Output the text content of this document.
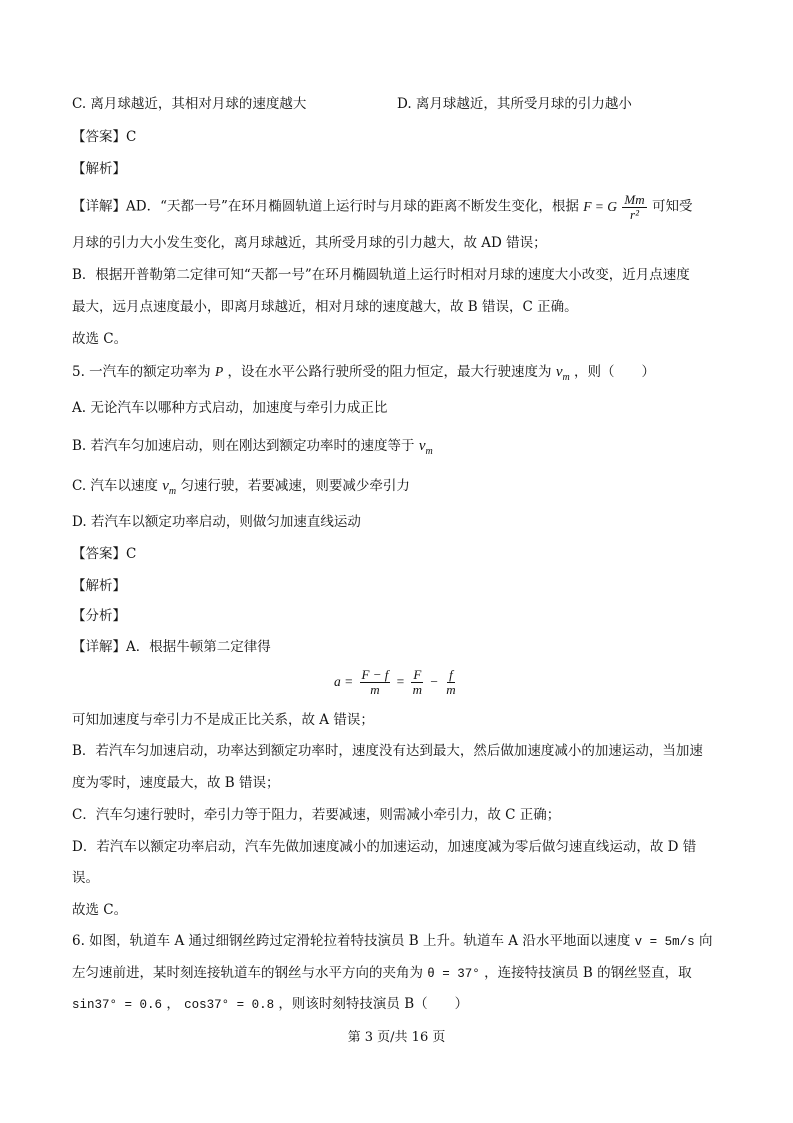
C. 离月球越近，其相对月球的速度越大	D. 离月球越近，其所受月球的引力越小
【答案】C
【解析】
【详解】AD．“天都一号”在环月椭圆轨道上运行时与月球的距离不断发生变化，根据 F = G $\frac{Mm}{\text{r²}}$ 可知受
月球的引力大小发生变化，离月球越近，其所受月球的引力越大，故 AD 错误；
B．根据开普勒第二定律可知“天都一号”在环月椭圆轨道上运行时相对月球的速度大小改变，近月点速度
最大，远月点速度最小，即离月球越近，相对月球的速度越大，故 B 错误，C 正确。
故选 C。
5. 一汽车的额定功率为 P ，设在水平公路行驶所受的阻力恒定，最大行驶速度为 $v_m$ ，则（　　）
A. 无论汽车以哪种方式启动，加速度与牵引力成正比
B. 若汽车匀加速启动，则在刚达到额定功率时的速度等于 $v_m$
C. 汽车以速度 $v_m$ 匀速行驶，若要减速，则要减少牵引力
D. 若汽车以额定功率启动，则做匀加速直线运动
【答案】C
【解析】
【分析】
【详解】A．根据牛顿第二定律得
$a = \frac{F - f}{m} = \frac{F}{m} - \frac{f}{m}$
可知加速度与牵引力不是成正比关系，故 A 错误；
B．若汽车匀加速启动，功率达到额定功率时，速度没有达到最大，然后做加速度减小的加速运动，当加速
度为零时，速度最大，故 B 错误；
C．汽车匀速行驶时，牵引力等于阻力，若要减速，则需减小牵引力，故 C 正确；
D．若汽车以额定功率启动，汽车先做加速度减小的加速运动，加速度减为零后做匀速直线运动，故 D 错
误。
故选 C。
6. 如图，轨道车 A 通过细钢丝跨过定滑轮拉着特技演员 B 上升。轨道车 A 沿水平地面以速度 v = 5m/s 向
左匀速前进，某时刻连接轨道车的钢丝与水平方向的夹角为 θ = 37° ，连接特技演员 B 的钢丝竖直，取
sin37° = 0.6 ， cos37° = 0.8 ，则该时刻特技演员 B（　　）
第 3 页/共 16 页
